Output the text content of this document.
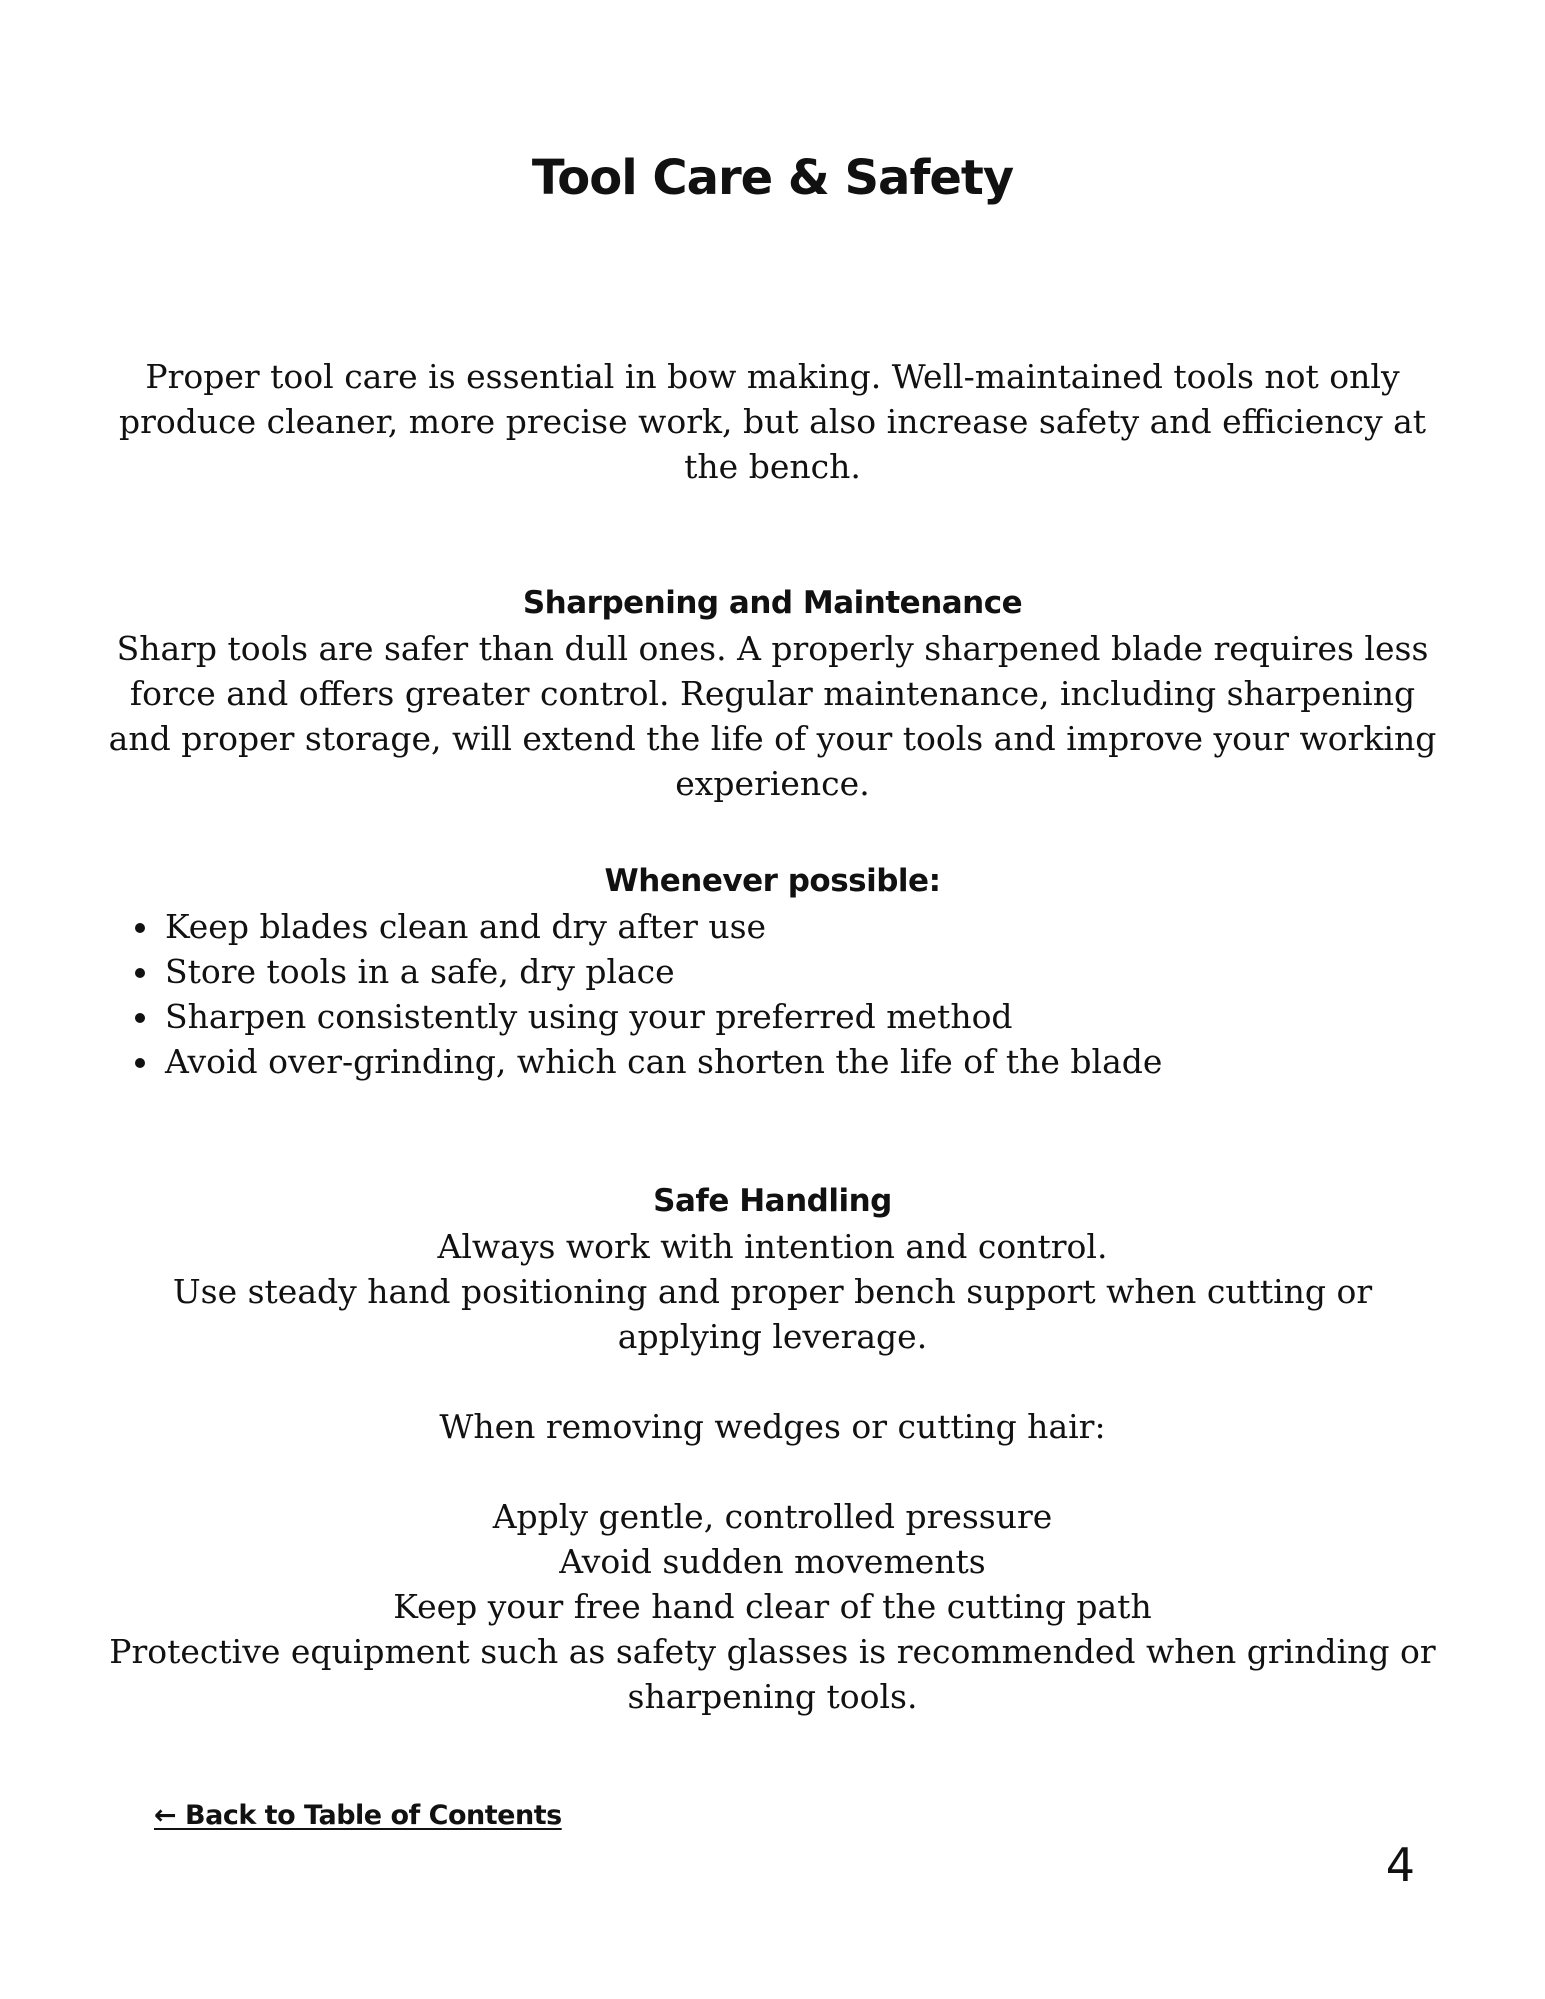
Tool Care & Safety

Proper tool care is essential in bow making. Well-maintained tools not only produce cleaner, more precise work, but also increase safety and efficiency at the bench.

Sharpening and Maintenance

Sharp tools are safer than dull ones. A properly sharpened blade requires less force and offers greater control. Regular maintenance, including sharpening and proper storage, will extend the life of your tools and improve your working experience.

Whenever possible:
• Keep blades clean and dry after use
• Store tools in a safe, dry place
• Sharpen consistently using your preferred method
• Avoid over-grinding, which can shorten the life of the blade
Safe Handling

Always work with intention and control.

Use steady hand positioning and proper bench support when cutting or applying leverage.

When removing wedges or cutting hair:

Apply gentle, controlled pressure

Avoid sudden movements

Keep your free hand clear of the cutting path

Protective equipment such as safety glasses is recommended when grinding or sharpening tools.

← Back to Table of Contents
4
